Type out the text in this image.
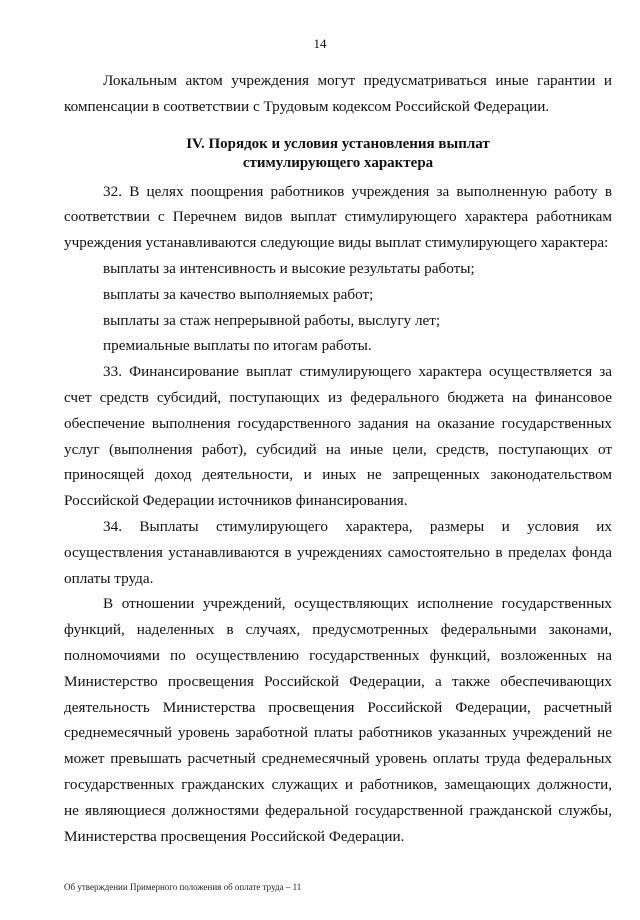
14

Локальным актом учреждения могут предусматриваться иные гарантии и компенсации в соответствии с Трудовым кодексом Российской Федерации.

IV. Порядок и условия установления выплат
стимулирующего характера

32. В целях поощрения работников учреждения за выполненную работу в соответствии с Перечнем видов выплат стимулирующего характера работникам учреждения устанавливаются следующие виды выплат стимулирующего характера:

выплаты за интенсивность и высокие результаты работы;

выплаты за качество выполняемых работ;

выплаты за стаж непрерывной работы, выслугу лет;

премиальные выплаты по итогам работы.

33. Финансирование выплат стимулирующего характера осуществляется за счет средств субсидий, поступающих из федерального бюджета на финансовое обеспечение выполнения государственного задания на оказание государственных услуг (выполнения работ), субсидий на иные цели, средств, поступающих от приносящей доход деятельности, и иных не запрещенных законодательством Российской Федерации источников финансирования.

34. Выплаты стимулирующего характера, размеры и условия их осуществления устанавливаются в учреждениях самостоятельно в пределах фонда оплаты труда.

В отношении учреждений, осуществляющих исполнение государственных функций, наделенных в случаях, предусмотренных федеральными законами, полномочиями по осуществлению государственных функций, возложенных на Министерство просвещения Российской Федерации, а также обеспечивающих деятельность Министерства просвещения Российской Федерации, расчетный среднемесячный уровень заработной платы работников указанных учреждений не может превышать расчетный среднемесячный уровень оплаты труда федеральных государственных гражданских служащих и работников, замещающих должности, не являющиеся должностями федеральной государственной гражданской службы, Министерства просвещения Российской Федерации.

Об утверждении Примерного положения об оплате труда – 11
